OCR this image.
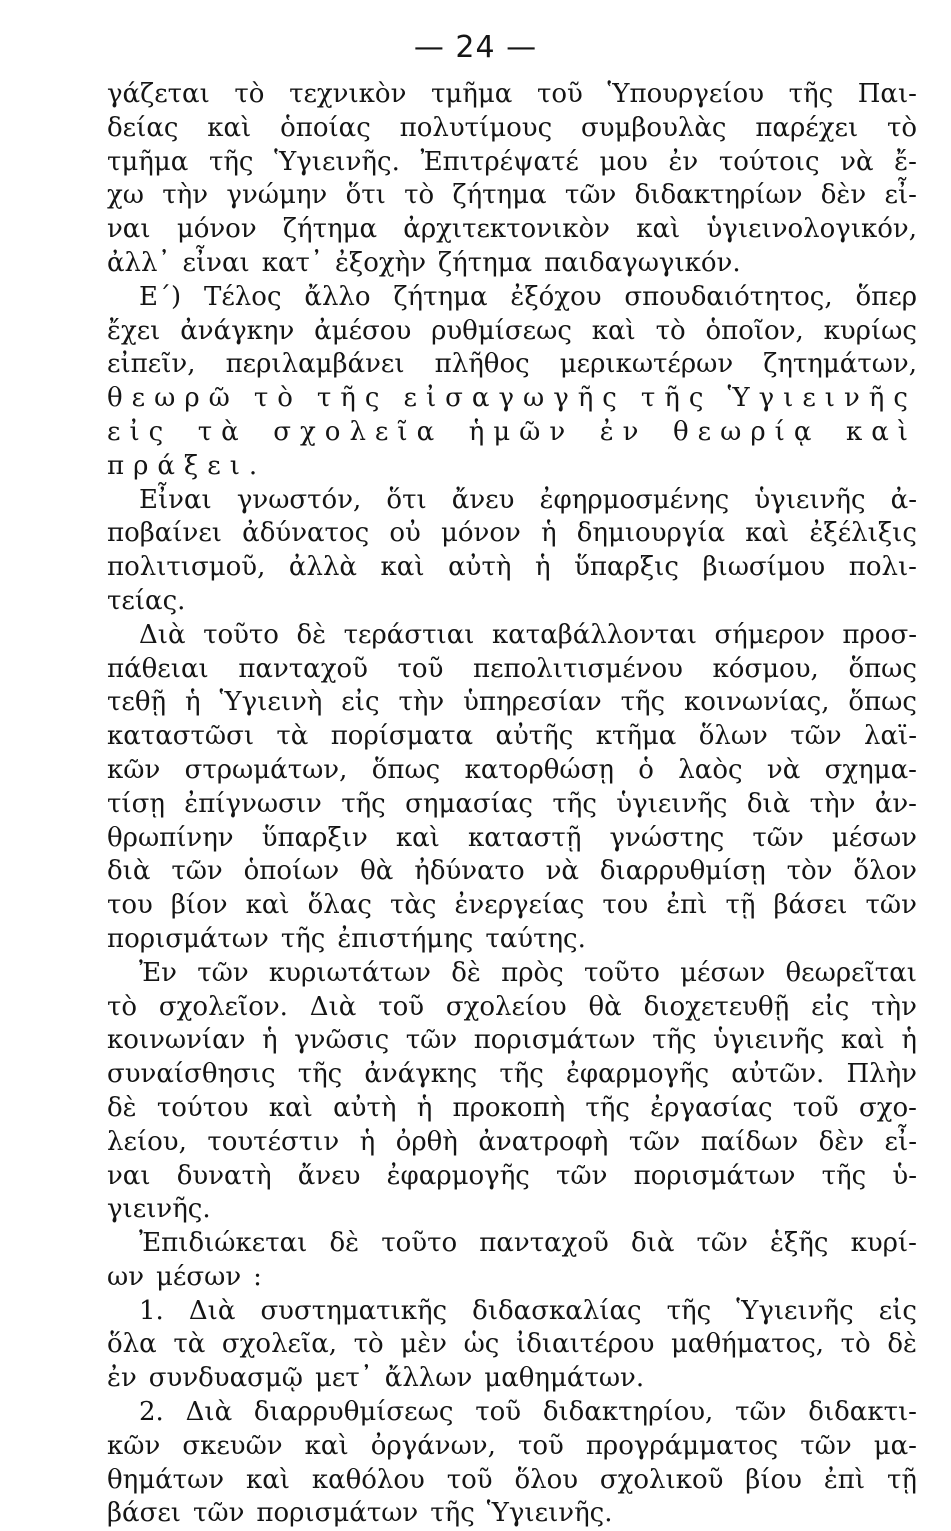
— 24 —
γάζεται τὸ τεχνικὸν τμῆμα τοῦ Ὑπουργείου τῆς Παι-
δείας καὶ ὁποίας πολυτίμους συμβουλὰς παρέχει τὸ
τμῆμα τῆς Ὑγιεινῆς. Ἐπιτρέψατέ μου ἐν τούτοις νὰ ἔ-
χω τὴν γνώμην ὅτι τὸ ζήτημα τῶν διδακτηρίων δὲν εἶ-
ναι μόνον ζήτημα ἀρχιτεκτονικὸν καὶ ὑγιεινολογικόν,
ἀλλ᾿ εἶναι κατ᾿ ἐξοχὴν ζήτημα παιδαγωγικόν.
Ε΄) Τέλος ἄλλο ζήτημα ἐξόχου σπουδαιότητος, ὅπερ
ἔχει ἀνάγκην ἀμέσου ρυθμίσεως καὶ τὸ ὁποῖον, κυρίως
εἰπεῖν, περιλαμβάνει πλῆθος μερικωτέρων ζητημάτων,
θεωρῶ τὸ τῆς εἰσαγωγῆς τῆς Ὑγιεινῆς
εἰς τὰ σχολεῖα ἡμῶν ἐν θεωρίᾳ καὶ
πράξει.
Εἶναι γνωστόν, ὅτι ἄνευ ἐφηρμοσμένης ὑγιεινῆς ἀ-
ποβαίνει ἀδύνατος οὐ μόνον ἡ δημιουργία καὶ ἐξέλιξις
πολιτισμοῦ, ἀλλὰ καὶ αὐτὴ ἡ ὕπαρξις βιωσίμου πολι-
τείας.
Διὰ τοῦτο δὲ τεράστιαι καταβάλλονται σήμερον προσ-
πάθειαι πανταχοῦ τοῦ πεπολιτισμένου κόσμου, ὅπως
τεθῇ ἡ Ὑγιεινὴ εἰς τὴν ὑπηρεσίαν τῆς κοινωνίας, ὅπως
καταστῶσι τὰ πορίσματα αὐτῆς κτῆμα ὅλων τῶν λαϊ-
κῶν στρωμάτων, ὅπως κατορθώσῃ ὁ λαὸς νὰ σχημα-
τίσῃ ἐπίγνωσιν τῆς σημασίας τῆς ὑγιεινῆς διὰ τὴν ἀν-
θρωπίνην ὕπαρξιν καὶ καταστῇ γνώστης τῶν μέσων
διὰ τῶν ὁποίων θὰ ἠδύνατο νὰ διαρρυθμίσῃ τὸν ὅλον
του βίον καὶ ὅλας τὰς ἐνεργείας του ἐπὶ τῇ βάσει τῶν
πορισμάτων τῆς ἐπιστήμης ταύτης.
Ἐν τῶν κυριωτάτων δὲ πρὸς τοῦτο μέσων θεωρεῖται
τὸ σχολεῖον. Διὰ τοῦ σχολείου θὰ διοχετευθῇ εἰς τὴν
κοινωνίαν ἡ γνῶσις τῶν πορισμάτων τῆς ὑγιεινῆς καὶ ἡ
συναίσθησις τῆς ἀνάγκης τῆς ἐφαρμογῆς αὐτῶν. Πλὴν
δὲ τούτου καὶ αὐτὴ ἡ προκοπὴ τῆς ἐργασίας τοῦ σχο-
λείου, τουτέστιν ἡ ὀρθὴ ἀνατροφὴ τῶν παίδων δὲν εἶ-
ναι δυνατὴ ἄνευ ἐφαρμογῆς τῶν πορισμάτων τῆς ὑ-
γιεινῆς.
Ἐπιδιώκεται δὲ τοῦτο πανταχοῦ διὰ τῶν ἑξῆς κυρί-
ων μέσων :
1. Διὰ συστηματικῆς διδασκαλίας τῆς Ὑγιεινῆς εἰς
ὅλα τὰ σχολεῖα, τὸ μὲν ὡς ἰδιαιτέρου μαθήματος, τὸ δὲ
ἐν συνδυασμῷ μετ᾿ ἄλλων μαθημάτων.
2. Διὰ διαρρυθμίσεως τοῦ διδακτηρίου, τῶν διδακτι-
κῶν σκευῶν καὶ ὀργάνων, τοῦ προγράμματος τῶν μα-
θημάτων καὶ καθόλου τοῦ ὅλου σχολικοῦ βίου ἐπὶ τῇ
βάσει τῶν πορισμάτων τῆς Ὑγιεινῆς.
